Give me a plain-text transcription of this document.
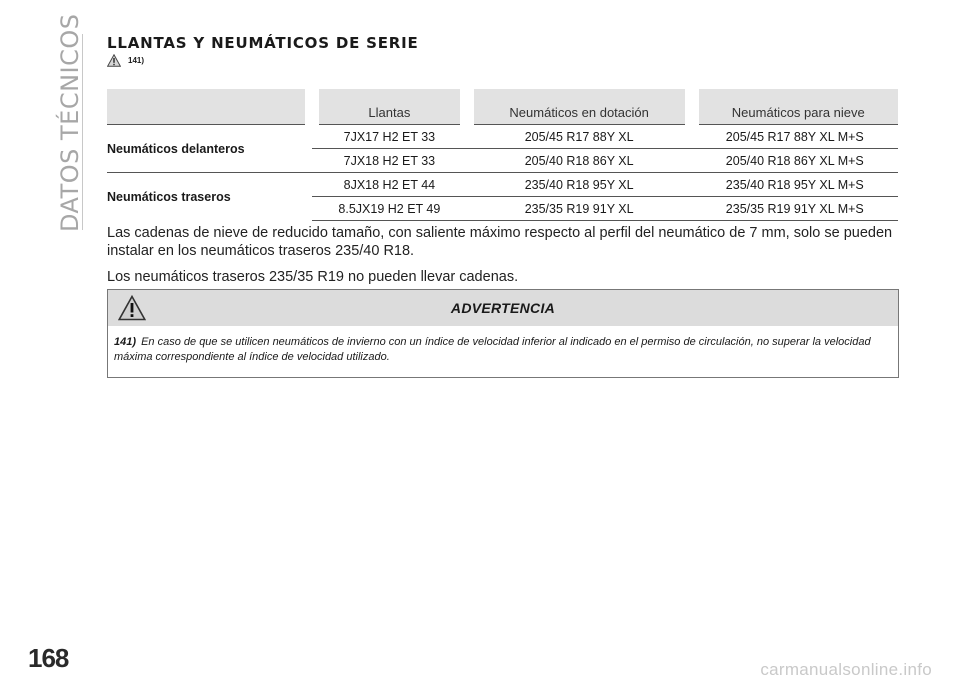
DATOS TÉCNICOS LLANTAS Y NEUMÁTICOS DE SERIE
141)
	Llantas	Neumáticos en dotación	Neumáticos para nieve
Neumáticos delanteros	7JX17 H2 ET 33	205/45 R17 88Y XL	205/45 R17 88Y XL M+S
	7JX18 H2 ET 33	205/40 R18 86Y XL	205/40 R18 86Y XL M+S
Neumáticos traseros	8JX18 H2 ET 44	235/40 R18 95Y XL	235/40 R18 95Y XL M+S
	8.5JX19 H2 ET 49	235/35 R19 91Y XL	235/35 R19 91Y XL M+S

Las cadenas de nieve de reducido tamaño, con saliente máximo respecto al perfil del neumático de 7 mm, solo se pueden instalar en los neumáticos traseros 235/40 R18.

Los neumáticos traseros 235/35 R19 no pueden llevar cadenas.

ADVERTENCIA
141) En caso de que se utilicen neumáticos de invierno con un índice de velocidad inferior al indicado en el permiso de circulación, no superar la velocidad máxima correspondiente al índice de velocidad utilizado.
168	carmanualsonline.info
